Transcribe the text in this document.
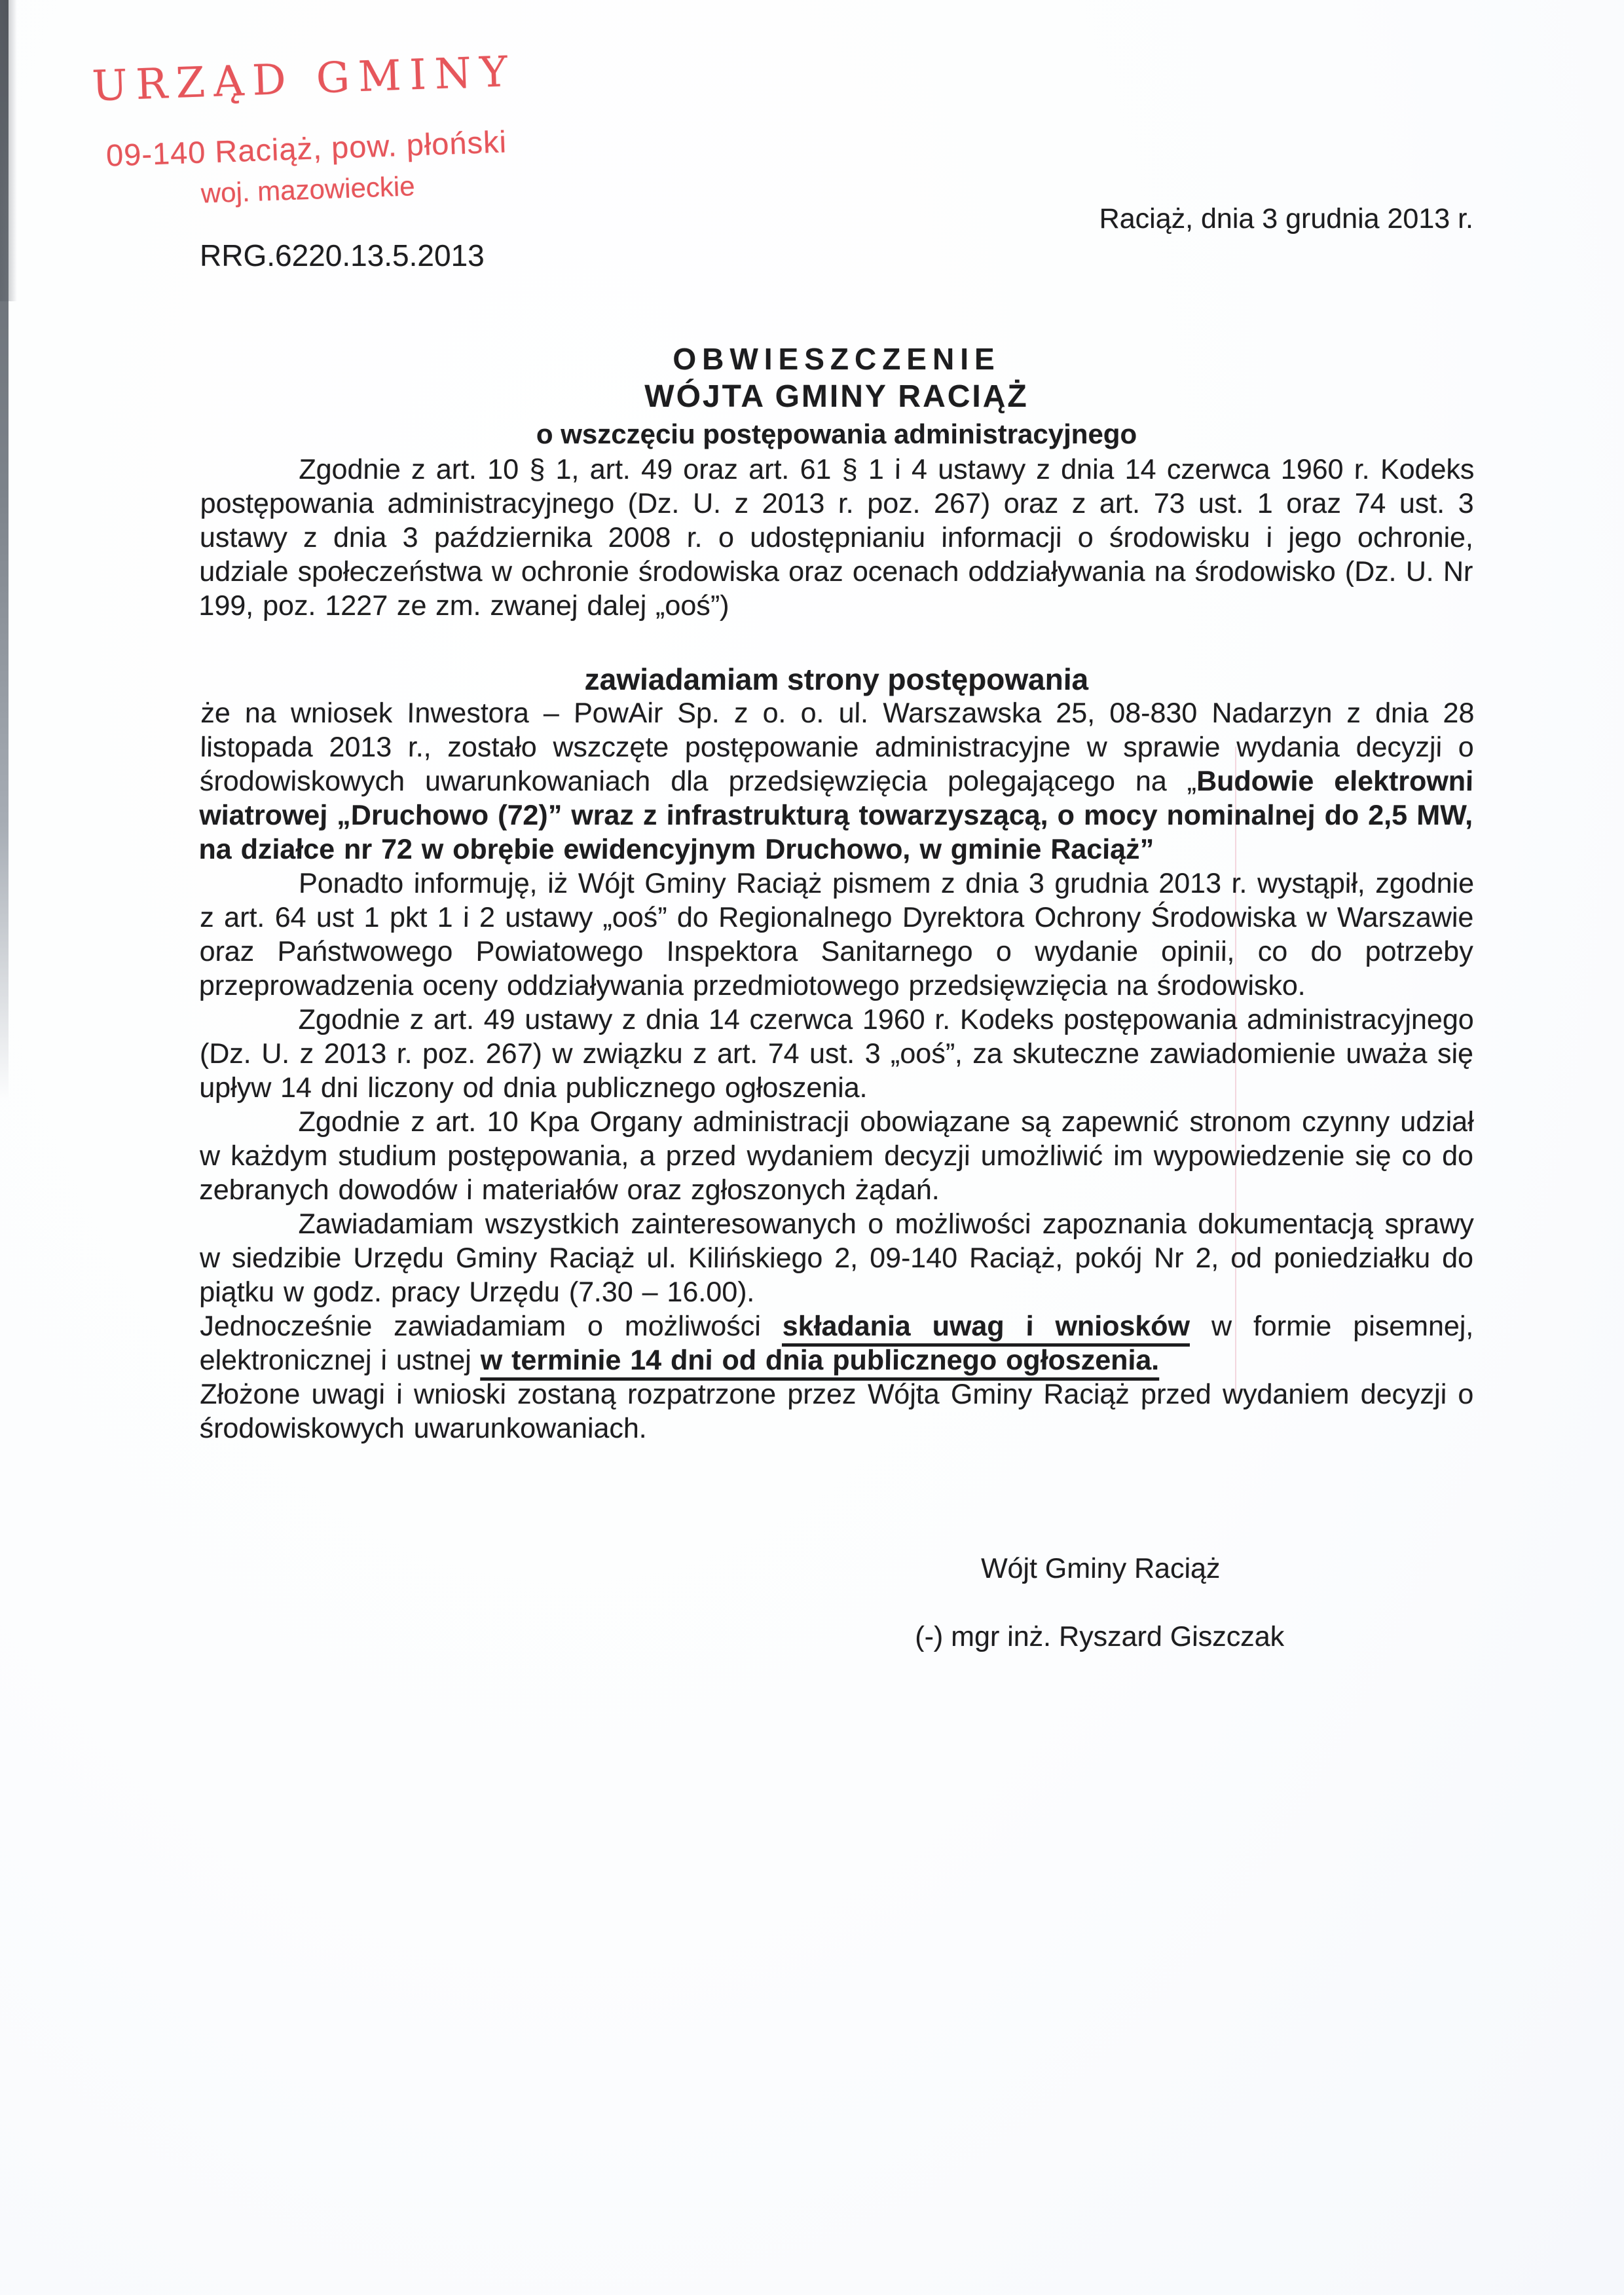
URZĄD GMINY
09-140 Raciąż, pow. płoński
woj. mazowieckie
Raciąż, dnia 3 grudnia 2013 r.
RRG.6220.13.5.2013
OBWIESZCZENIE
WÓJTA GMINY RACIĄŻ
o wszczęciu postępowania administracyjnego

Zgodnie z art. 10 § 1, art. 49 oraz art. 61 § 1 i 4 ustawy z dnia 14 czerwca 1960 r. Kodeks postępowania administracyjnego (Dz. U. z 2013 r. poz. 267) oraz z art. 73 ust. 1 oraz 74 ust. 3 ustawy z dnia 3 października 2008 r. o udostępnianiu informacji o środowisku i jego ochronie, udziale społeczeństwa w ochronie środowiska oraz ocenach oddziaływania na środowisko (Dz. U. Nr 199, poz. 1227 ze zm. zwanej dalej „ooś”)

zawiadamiam strony postępowania

że na wniosek Inwestora – PowAir Sp. z o. o. ul. Warszawska 25, 08-830 Nadarzyn z dnia 28 listopada 2013 r., zostało wszczęte postępowanie administracyjne w sprawie wydania decyzji o środowiskowych uwarunkowaniach dla przedsięwzięcia polegającego na „Budowie elektrowni wiatrowej „Druchowo (72)” wraz z infrastrukturą towarzyszącą, o mocy nominalnej do 2,5 MW, na działce nr 72 w obrębie ewidencyjnym Druchowo, w gminie Raciąż”

Ponadto informuję, iż Wójt Gminy Raciąż pismem z dnia 3 grudnia 2013 r. wystąpił, zgodnie z art. 64 ust 1 pkt 1 i 2 ustawy „ooś” do Regionalnego Dyrektora Ochrony Środowiska w Warszawie oraz Państwowego Powiatowego Inspektora Sanitarnego o wydanie opinii, co do potrzeby przeprowadzenia oceny oddziaływania przedmiotowego przedsięwzięcia na środowisko.

Zgodnie z art. 49 ustawy z dnia 14 czerwca 1960 r. Kodeks postępowania administracyjnego (Dz. U. z 2013 r. poz. 267) w związku z art. 74 ust. 3 „ooś”, za skuteczne zawiadomienie uważa się upływ 14 dni liczony od dnia publicznego ogłoszenia.

Zgodnie z art. 10 Kpa Organy administracji obowiązane są zapewnić stronom czynny udział w każdym studium postępowania, a przed wydaniem decyzji umożliwić im wypowiedzenie się co do zebranych dowodów i materiałów oraz zgłoszonych żądań.

Zawiadamiam wszystkich zainteresowanych o możliwości zapoznania dokumentacją sprawy w siedzibie Urzędu Gminy Raciąż ul. Kilińskiego 2, 09-140 Raciąż, pokój Nr 2, od poniedziałku do piątku w godz. pracy Urzędu (7.30 – 16.00).

Jednocześnie zawiadamiam o możliwości składania uwag i wniosków w formie pisemnej, elektronicznej i ustnej w terminie 14 dni od dnia publicznego ogłoszenia.

Złożone uwagi i wnioski zostaną rozpatrzone przez Wójta Gminy Raciąż przed wydaniem decyzji o środowiskowych uwarunkowaniach.

Wójt Gminy Raciąż
(-) mgr inż. Ryszard Giszczak
